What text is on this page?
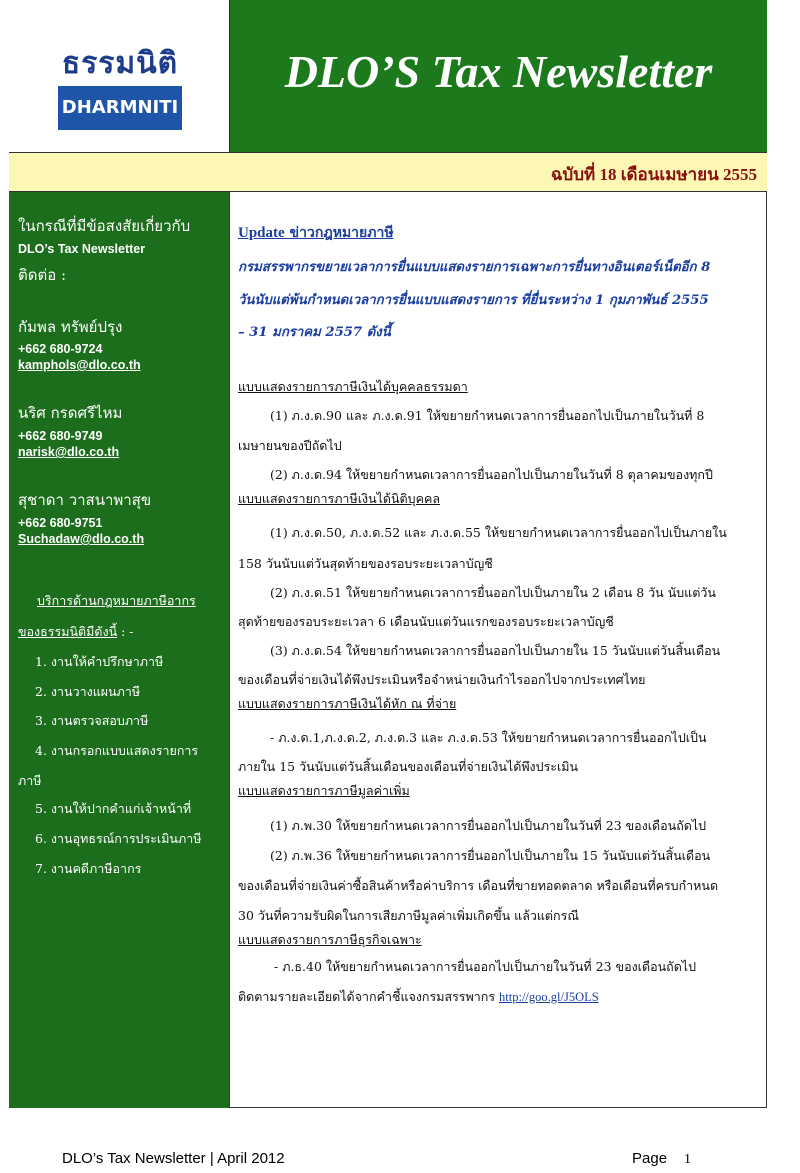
ธรรมนิติ
DHARMNITI
DLO’S Tax Newsletter
ฉบับที่ 18 เดือนเมษายน 2555
ในกรณีที่มีข้อสงสัยเกี่ยวกับ
DLO’s Tax Newsletter
ติดต่อ :
กัมพล ทรัพย์ปรุง
+662 680-9724
kamphols@dlo.co.th
นริศ กรดศรีไหม
+662 680-9749
narisk@dlo.co.th
สุชาดา วาสนาพาสุข
+662 680-9751
Suchadaw@dlo.co.th
บริการด้านกฎหมายภาษีอากร
ของธรรมนิติมีดังนี้ : -
1. งานให้คำปรึกษาภาษี
2. งานวางแผนภาษี
3. งานตรวจสอบภาษี
4. งานกรอกแบบแสดงรายการ
ภาษี
5. งานให้ปากคำแก่เจ้าหน้าที่
6. งานอุทธรณ์การประเมินภาษี
7. งานคดีภาษีอากร
Update ข่าวกฎหมายภาษี
กรมสรรพากรขยายเวลาการยื่นแบบแสดงรายการเฉพาะการยื่นทางอินเตอร์เน็ตอีก 8
วันนับแต่พ้นกำหนดเวลาการยื่นแบบแสดงรายการ ที่ยื่นระหว่าง 1 กุมภาพันธ์ 2555
– 31 มกราคม 2557 ดังนี้
แบบแสดงรายการภาษีเงินได้บุคคลธรรมดา
(1) ภ.ง.ด.90 และ ภ.ง.ด.91 ให้ขยายกำหนดเวลาการยื่นออกไปเป็นภายในวันที่ 8
เมษายนของปีถัดไป
(2) ภ.ง.ด.94 ให้ขยายกำหนดเวลาการยื่นออกไปเป็นภายในวันที่ 8 ตุลาคมของทุกปี
แบบแสดงรายการภาษีเงินได้นิติบุคคล
(1) ภ.ง.ด.50, ภ.ง.ด.52 และ ภ.ง.ด.55 ให้ขยายกำหนดเวลาการยื่นออกไปเป็นภายใน
158 วันนับแต่วันสุดท้ายของรอบระยะเวลาบัญชี
(2) ภ.ง.ด.51 ให้ขยายกำหนดเวลาการยื่นออกไปเป็นภายใน 2 เดือน 8 วัน นับแต่วัน
สุดท้ายของรอบระยะเวลา 6 เดือนนับแต่วันแรกของรอบระยะเวลาบัญชี
(3) ภ.ง.ด.54 ให้ขยายกำหนดเวลาการยื่นออกไปเป็นภายใน 15 วันนับแต่วันสิ้นเดือน
ของเดือนที่จ่ายเงินได้พึงประเมินหรือจำหน่ายเงินกำไรออกไปจากประเทศไทย
แบบแสดงรายการภาษีเงินได้หัก ณ ที่จ่าย
- ภ.ง.ด.1,ภ.ง.ด.2, ภ.ง.ด.3 และ ภ.ง.ด.53 ให้ขยายกำหนดเวลาการยื่นออกไปเป็น
ภายใน 15 วันนับแต่วันสิ้นเดือนของเดือนที่จ่ายเงินได้พึงประเมิน
แบบแสดงรายการภาษีมูลค่าเพิ่ม
(1) ภ.พ.30 ให้ขยายกำหนดเวลาการยื่นออกไปเป็นภายในวันที่ 23 ของเดือนถัดไป
(2) ภ.พ.36 ให้ขยายกำหนดเวลาการยื่นออกไปเป็นภายใน 15 วันนับแต่วันสิ้นเดือน
ของเดือนที่จ่ายเงินค่าซื้อสินค้าหรือค่าบริการ เดือนที่ขายทอดตลาด หรือเดือนที่ครบกำหนด
30 วันที่ความรับผิดในการเสียภาษีมูลค่าเพิ่มเกิดขึ้น แล้วแต่กรณี
แบบแสดงรายการภาษีธุรกิจเฉพาะ
- ภ.ธ.40 ให้ขยายกำหนดเวลาการยื่นออกไปเป็นภายในวันที่ 23 ของเดือนถัดไป
ติดตามรายละเอียดได้จากคำชี้แจงกรมสรรพากร http://goo.gl/J5OLS
DLO’s Tax Newsletter | April 2012	Page 1
